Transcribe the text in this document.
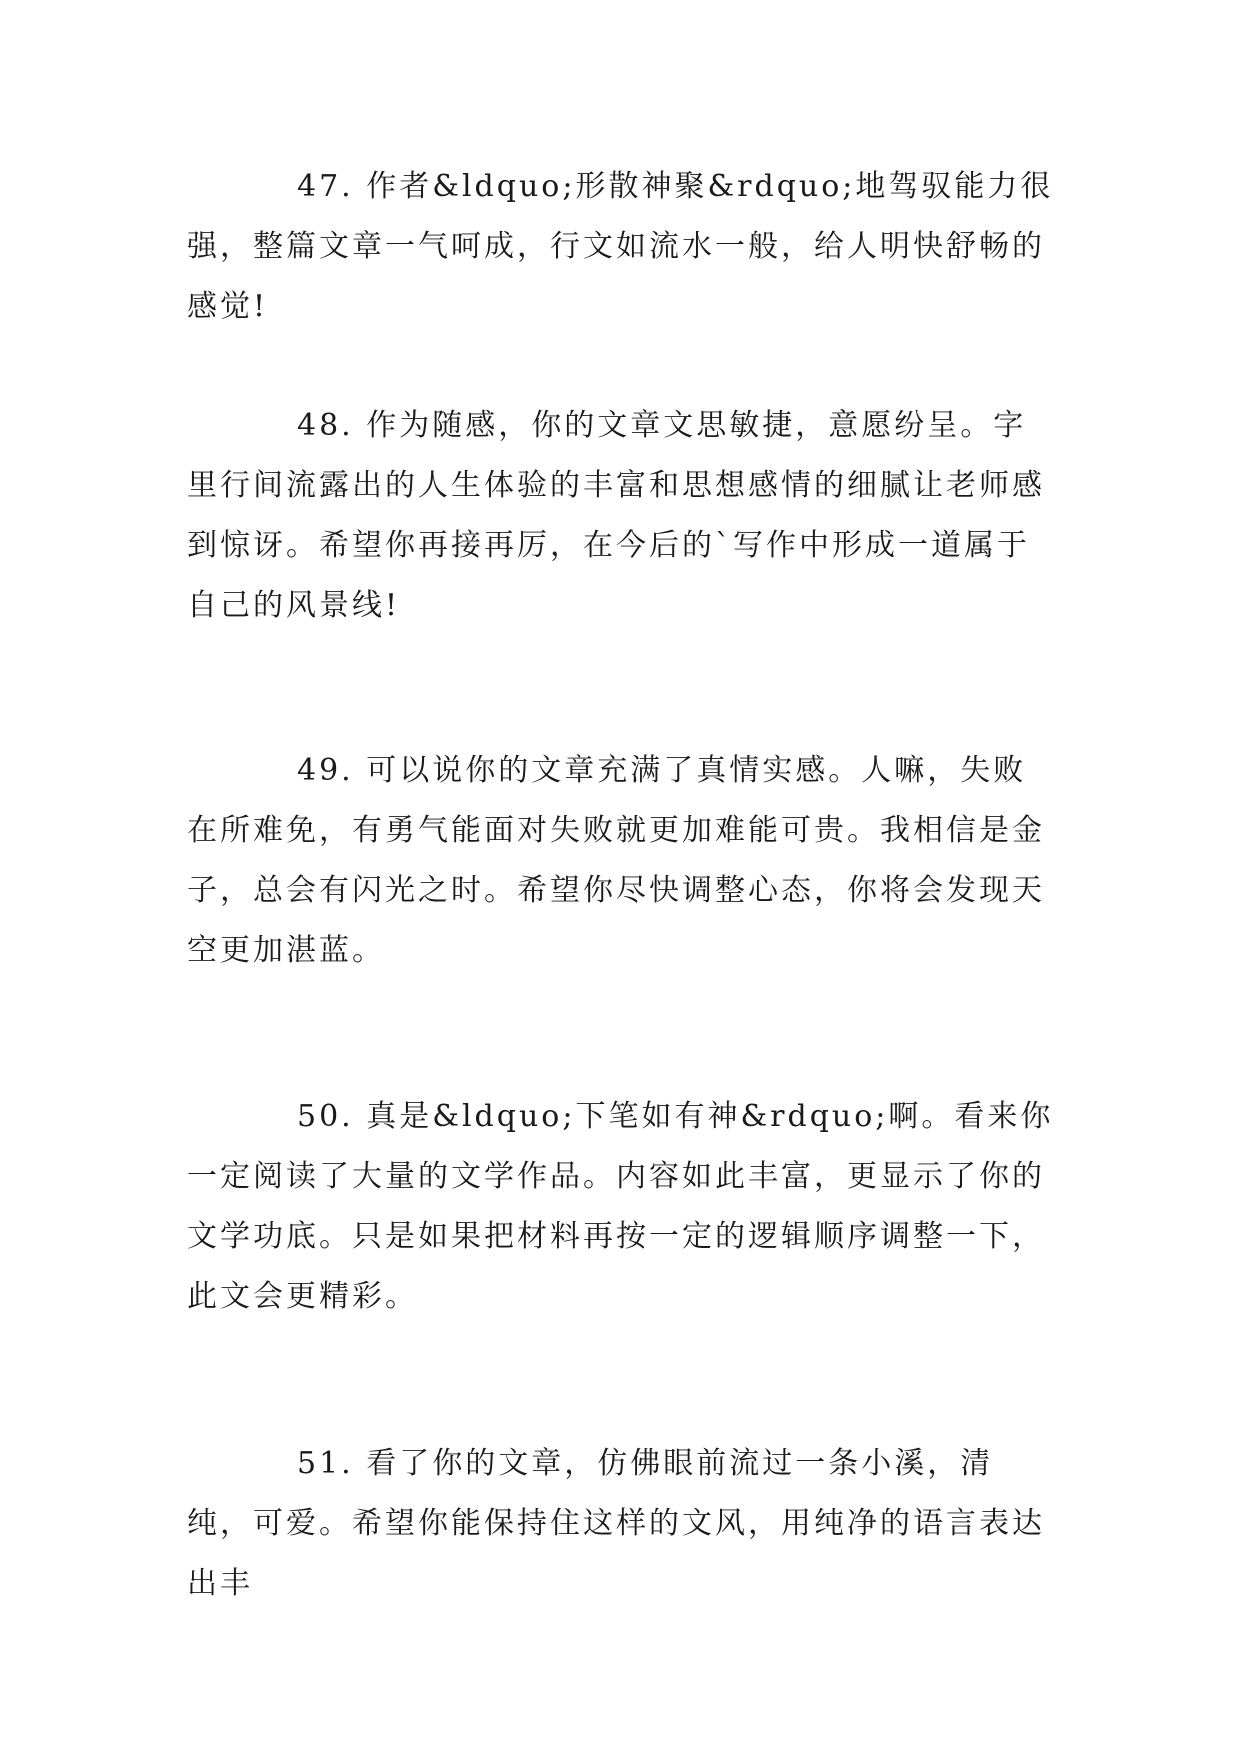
47. 作者&ldquo;形散神聚&rdquo;地驾驭能力很强，整篇文章一气呵成，行文如流水一般，给人明快舒畅的感觉!

48. 作为随感，你的文章文思敏捷，意愿纷呈。字里行间流露出的人生体验的丰富和思想感情的细腻让老师感到惊讶。希望你再接再厉，在今后的`写作中形成一道属于自己的风景线!

49. 可以说你的文章充满了真情实感。人嘛，失败在所难免，有勇气能面对失败就更加难能可贵。我相信是金子，总会有闪光之时。希望你尽快调整心态，你将会发现天空更加湛蓝。

50. 真是&ldquo;下笔如有神&rdquo;啊。看来你一定阅读了大量的文学作品。内容如此丰富，更显示了你的文学功底。只是如果把材料再按一定的逻辑顺序调整一下，此文会更精彩。

51. 看了你的文章，仿佛眼前流过一条小溪，清纯，可爱。希望你能保持住这样的文风，用纯净的语言表达出丰
